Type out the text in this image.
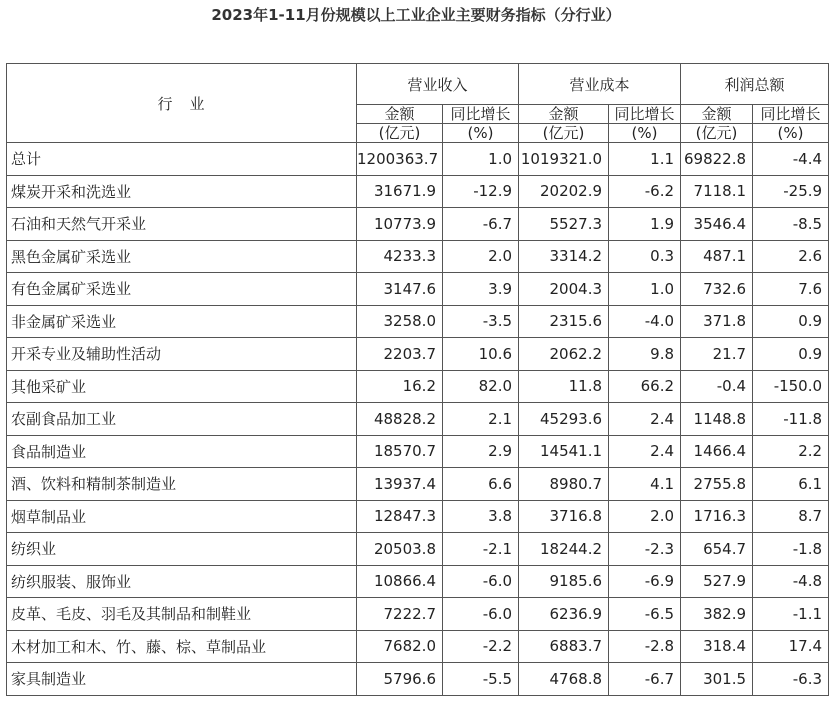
2023年1-11月份规模以上工业企业主要财务指标（分行业）
行　业	营业收入		营业成本		利润总额	
	金额	同比增长	金额	同比增长	金额	同比增长
	(亿元)	(%)	(亿元)	(%)	(亿元)	(%)
总计	1200363.7	1.0	1019321.0	1.1	69822.8	-4.4
煤炭开采和洗选业	31671.9	-12.9	20202.9	-6.2	7118.1	-25.9
石油和天然气开采业	10773.9	-6.7	5527.3	1.9	3546.4	-8.5
黑色金属矿采选业	4233.3	2.0	3314.2	0.3	487.1	2.6
有色金属矿采选业	3147.6	3.9	2004.3	1.0	732.6	7.6
非金属矿采选业	3258.0	-3.5	2315.6	-4.0	371.8	0.9
开采专业及辅助性活动	2203.7	10.6	2062.2	9.8	21.7	0.9
其他采矿业	16.2	82.0	11.8	66.2	-0.4	-150.0
农副食品加工业	48828.2	2.1	45293.6	2.4	1148.8	-11.8
食品制造业	18570.7	2.9	14541.1	2.4	1466.4	2.2
酒、饮料和精制茶制造业	13937.4	6.6	8980.7	4.1	2755.8	6.1
烟草制品业	12847.3	3.8	3716.8	2.0	1716.3	8.7
纺织业	20503.8	-2.1	18244.2	-2.3	654.7	-1.8
纺织服装、服饰业	10866.4	-6.0	9185.6	-6.9	527.9	-4.8
皮革、毛皮、羽毛及其制品和制鞋业	7222.7	-6.0	6236.9	-6.5	382.9	-1.1
木材加工和木、竹、藤、棕、草制品业	7682.0	-2.2	6883.7	-2.8	318.4	17.4
家具制造业	5796.6	-5.5	4768.8	-6.7	301.5	-6.3
